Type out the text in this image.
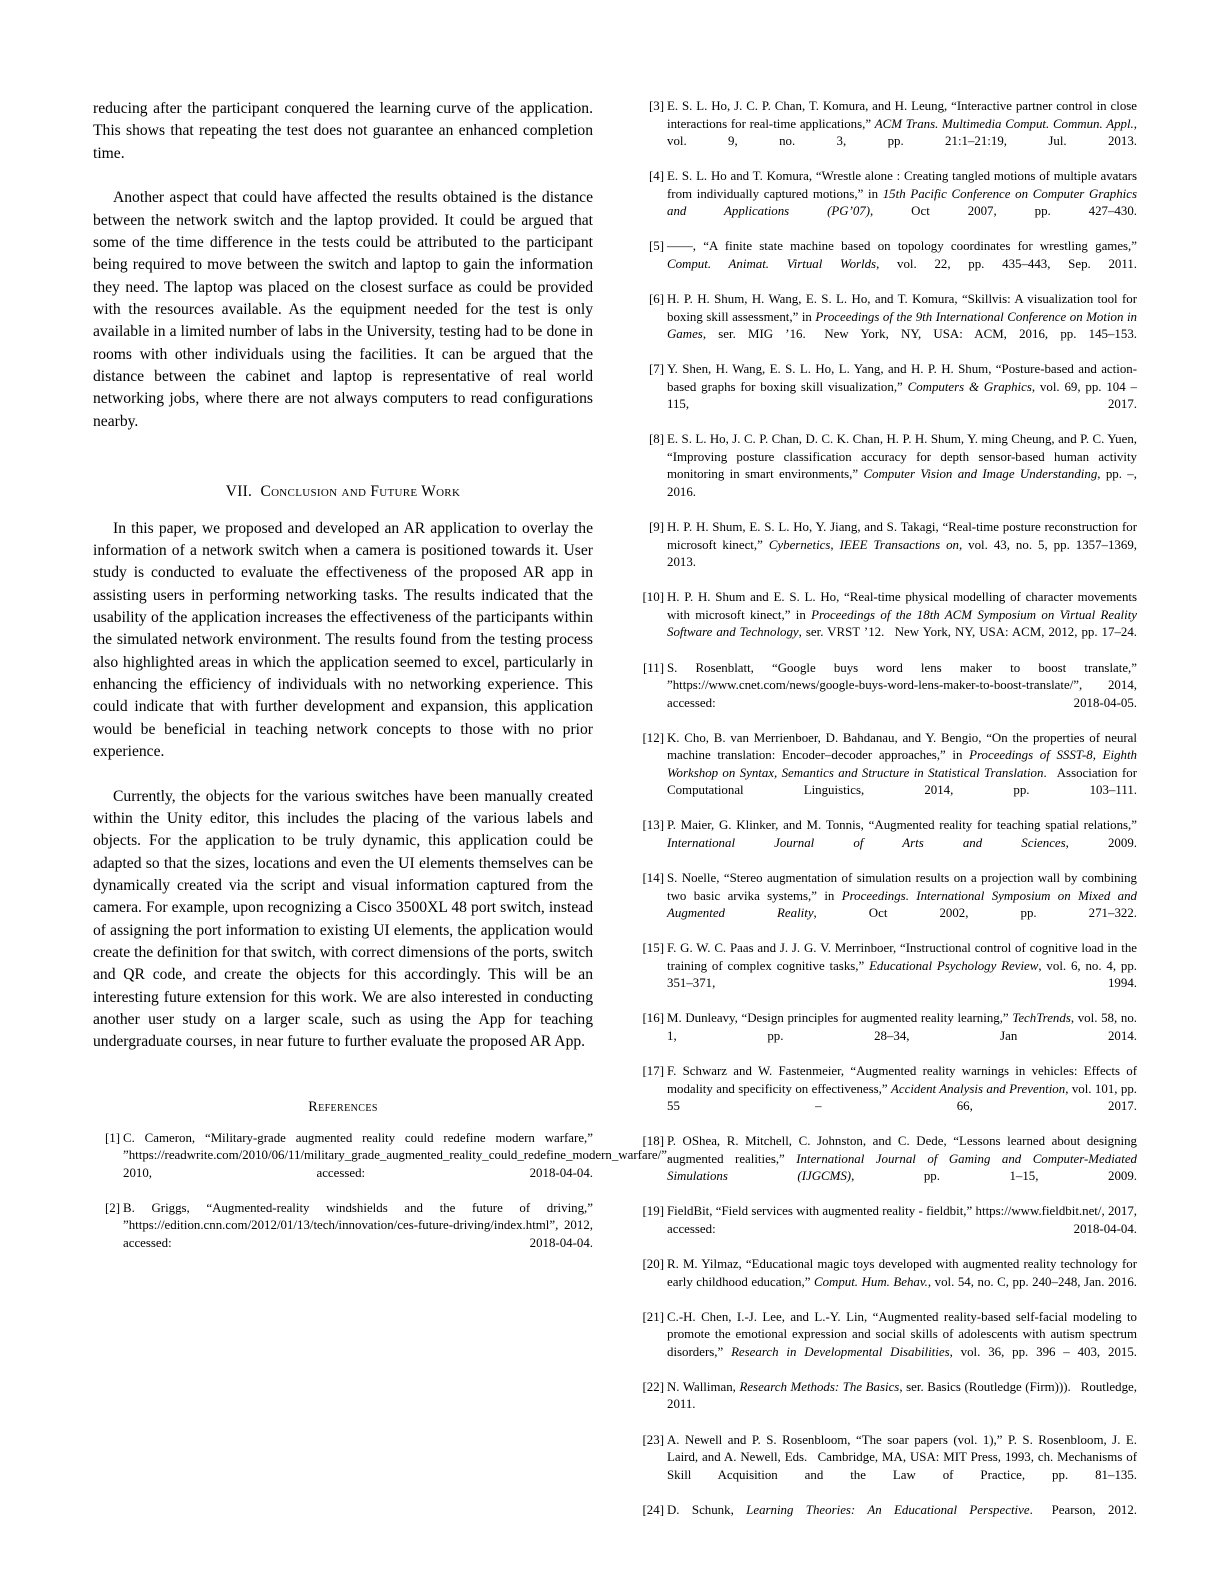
reducing after the participant conquered the learning curve of the application. This shows that repeating the test does not guarantee an enhanced completion time.

Another aspect that could have affected the results obtained is the distance between the network switch and the laptop provided. It could be argued that some of the time difference in the tests could be attributed to the participant being required to move between the switch and laptop to gain the information they need. The laptop was placed on the closest surface as could be provided with the resources available. As the equipment needed for the test is only available in a limited number of labs in the University, testing had to be done in rooms with other individuals using the facilities. It can be argued that the distance between the cabinet and laptop is representative of real world networking jobs, where there are not always computers to read configurations nearby.

VII. Conclusion and Future Work

In this paper, we proposed and developed an AR application to overlay the information of a network switch when a camera is positioned towards it. User study is conducted to evaluate the effectiveness of the proposed AR app in assisting users in performing networking tasks. The results indicated that the usability of the application increases the effectiveness of the participants within the simulated network environment. The results found from the testing process also highlighted areas in which the application seemed to excel, particularly in enhancing the efficiency of individuals with no networking experience. This could indicate that with further development and expansion, this application would be beneficial in teaching network concepts to those with no prior experience.

Currently, the objects for the various switches have been manually created within the Unity editor, this includes the placing of the various labels and objects. For the application to be truly dynamic, this application could be adapted so that the sizes, locations and even the UI elements themselves can be dynamically created via the script and visual information captured from the camera. For example, upon recognizing a Cisco 3500XL 48 port switch, instead of assigning the port information to existing UI elements, the application would create the definition for that switch, with correct dimensions of the ports, switch and QR code, and create the objects for this accordingly. This will be an interesting future extension for this work. We are also interested in conducting another user study on a larger scale, such as using the App for teaching undergraduate courses, in near future to further evaluate the proposed AR App.

References
[1] C. Cameron, “Military-grade augmented reality could redefine modern warfare,” ”https://readwrite.com/2010/06/11/military_grade_augmented_reality_could_redefine_modern_warfare/”, 2010, accessed: 2018-04-04.
[2] B. Griggs, “Augmented-reality windshields and the future of driving,” ”https://edition.cnn.com/2012/01/13/tech/innovation/ces-future-driving/index.html”, 2012, accessed: 2018-04-04.
[3] E. S. L. Ho, J. C. P. Chan, T. Komura, and H. Leung, “Interactive partner control in close interactions for real-time applications,” ACM Trans. Multimedia Comput. Commun. Appl., vol. 9, no. 3, pp. 21:1–21:19, Jul. 2013.
[4] E. S. L. Ho and T. Komura, “Wrestle alone : Creating tangled motions of multiple avatars from individually captured motions,” in 15th Pacific Conference on Computer Graphics and Applications (PG’07), Oct 2007, pp. 427–430.
[5] ——, “A finite state machine based on topology coordinates for wrestling games,” Comput. Animat. Virtual Worlds, vol. 22, pp. 435–443, Sep. 2011.
[6] H. P. H. Shum, H. Wang, E. S. L. Ho, and T. Komura, “Skillvis: A visualization tool for boxing skill assessment,” in Proceedings of the 9th International Conference on Motion in Games, ser. MIG ’16.  New York, NY, USA: ACM, 2016, pp. 145–153.
[7] Y. Shen, H. Wang, E. S. L. Ho, L. Yang, and H. P. H. Shum, “Posture-based and action-based graphs for boxing skill visualization,” Computers & Graphics, vol. 69, pp. 104 – 115, 2017.
[8] E. S. L. Ho, J. C. P. Chan, D. C. K. Chan, H. P. H. Shum, Y. ming Cheung, and P. C. Yuen, “Improving posture classification accuracy for depth sensor-based human activity monitoring in smart environments,” Computer Vision and Image Understanding, pp. –, 2016.
[9] H. P. H. Shum, E. S. L. Ho, Y. Jiang, and S. Takagi, “Real-time posture reconstruction for microsoft kinect,” Cybernetics, IEEE Transactions on, vol. 43, no. 5, pp. 1357–1369, 2013.
[10] H. P. H. Shum and E. S. L. Ho, “Real-time physical modelling of character movements with microsoft kinect,” in Proceedings of the 18th ACM Symposium on Virtual Reality Software and Technology, ser. VRST ’12.  New York, NY, USA: ACM, 2012, pp. 17–24.
[11] S. Rosenblatt, “Google buys word lens maker to boost translate,” ”https://www.cnet.com/news/google-buys-word-lens-maker-to-boost-translate/”, 2014, accessed: 2018-04-05.
[12] K. Cho, B. van Merrienboer, D. Bahdanau, and Y. Bengio, “On the properties of neural machine translation: Encoder–decoder approaches,” in Proceedings of SSST-8, Eighth Workshop on Syntax, Semantics and Structure in Statistical Translation.  Association for Computational Linguistics, 2014, pp. 103–111.
[13] P. Maier, G. Klinker, and M. Tonnis, “Augmented reality for teaching spatial relations,” International Journal of Arts and Sciences, 2009.
[14] S. Noelle, “Stereo augmentation of simulation results on a projection wall by combining two basic arvika systems,” in Proceedings. International Symposium on Mixed and Augmented Reality, Oct 2002, pp. 271–322.
[15] F. G. W. C. Paas and J. J. G. V. Merrinboer, “Instructional control of cognitive load in the training of complex cognitive tasks,” Educational Psychology Review, vol. 6, no. 4, pp. 351–371, 1994.
[16] M. Dunleavy, “Design principles for augmented reality learning,” TechTrends, vol. 58, no. 1, pp. 28–34, Jan 2014.
[17] F. Schwarz and W. Fastenmeier, “Augmented reality warnings in vehicles: Effects of modality and specificity on effectiveness,” Accident Analysis and Prevention, vol. 101, pp. 55 – 66, 2017.
[18] P. OShea, R. Mitchell, C. Johnston, and C. Dede, “Lessons learned about designing augmented realities,” International Journal of Gaming and Computer-Mediated Simulations (IJGCMS), pp. 1–15, 2009.
[19] FieldBit, “Field services with augmented reality - fieldbit,” https://www.fieldbit.net/, 2017, accessed: 2018-04-04.
[20] R. M. Yilmaz, “Educational magic toys developed with augmented reality technology for early childhood education,” Comput. Hum. Behav., vol. 54, no. C, pp. 240–248, Jan. 2016.
[21] C.-H. Chen, I.-J. Lee, and L.-Y. Lin, “Augmented reality-based self-facial modeling to promote the emotional expression and social skills of adolescents with autism spectrum disorders,” Research in Developmental Disabilities, vol. 36, pp. 396 – 403, 2015.
[22] N. Walliman, Research Methods: The Basics, ser. Basics (Routledge (Firm))).  Routledge, 2011.
[23] A. Newell and P. S. Rosenbloom, “The soar papers (vol. 1),” P. S. Rosenbloom, J. E. Laird, and A. Newell, Eds.  Cambridge, MA, USA: MIT Press, 1993, ch. Mechanisms of Skill Acquisition and the Law of Practice, pp. 81–135.
[24] D. Schunk, Learning Theories: An Educational Perspective.  Pearson, 2012.
